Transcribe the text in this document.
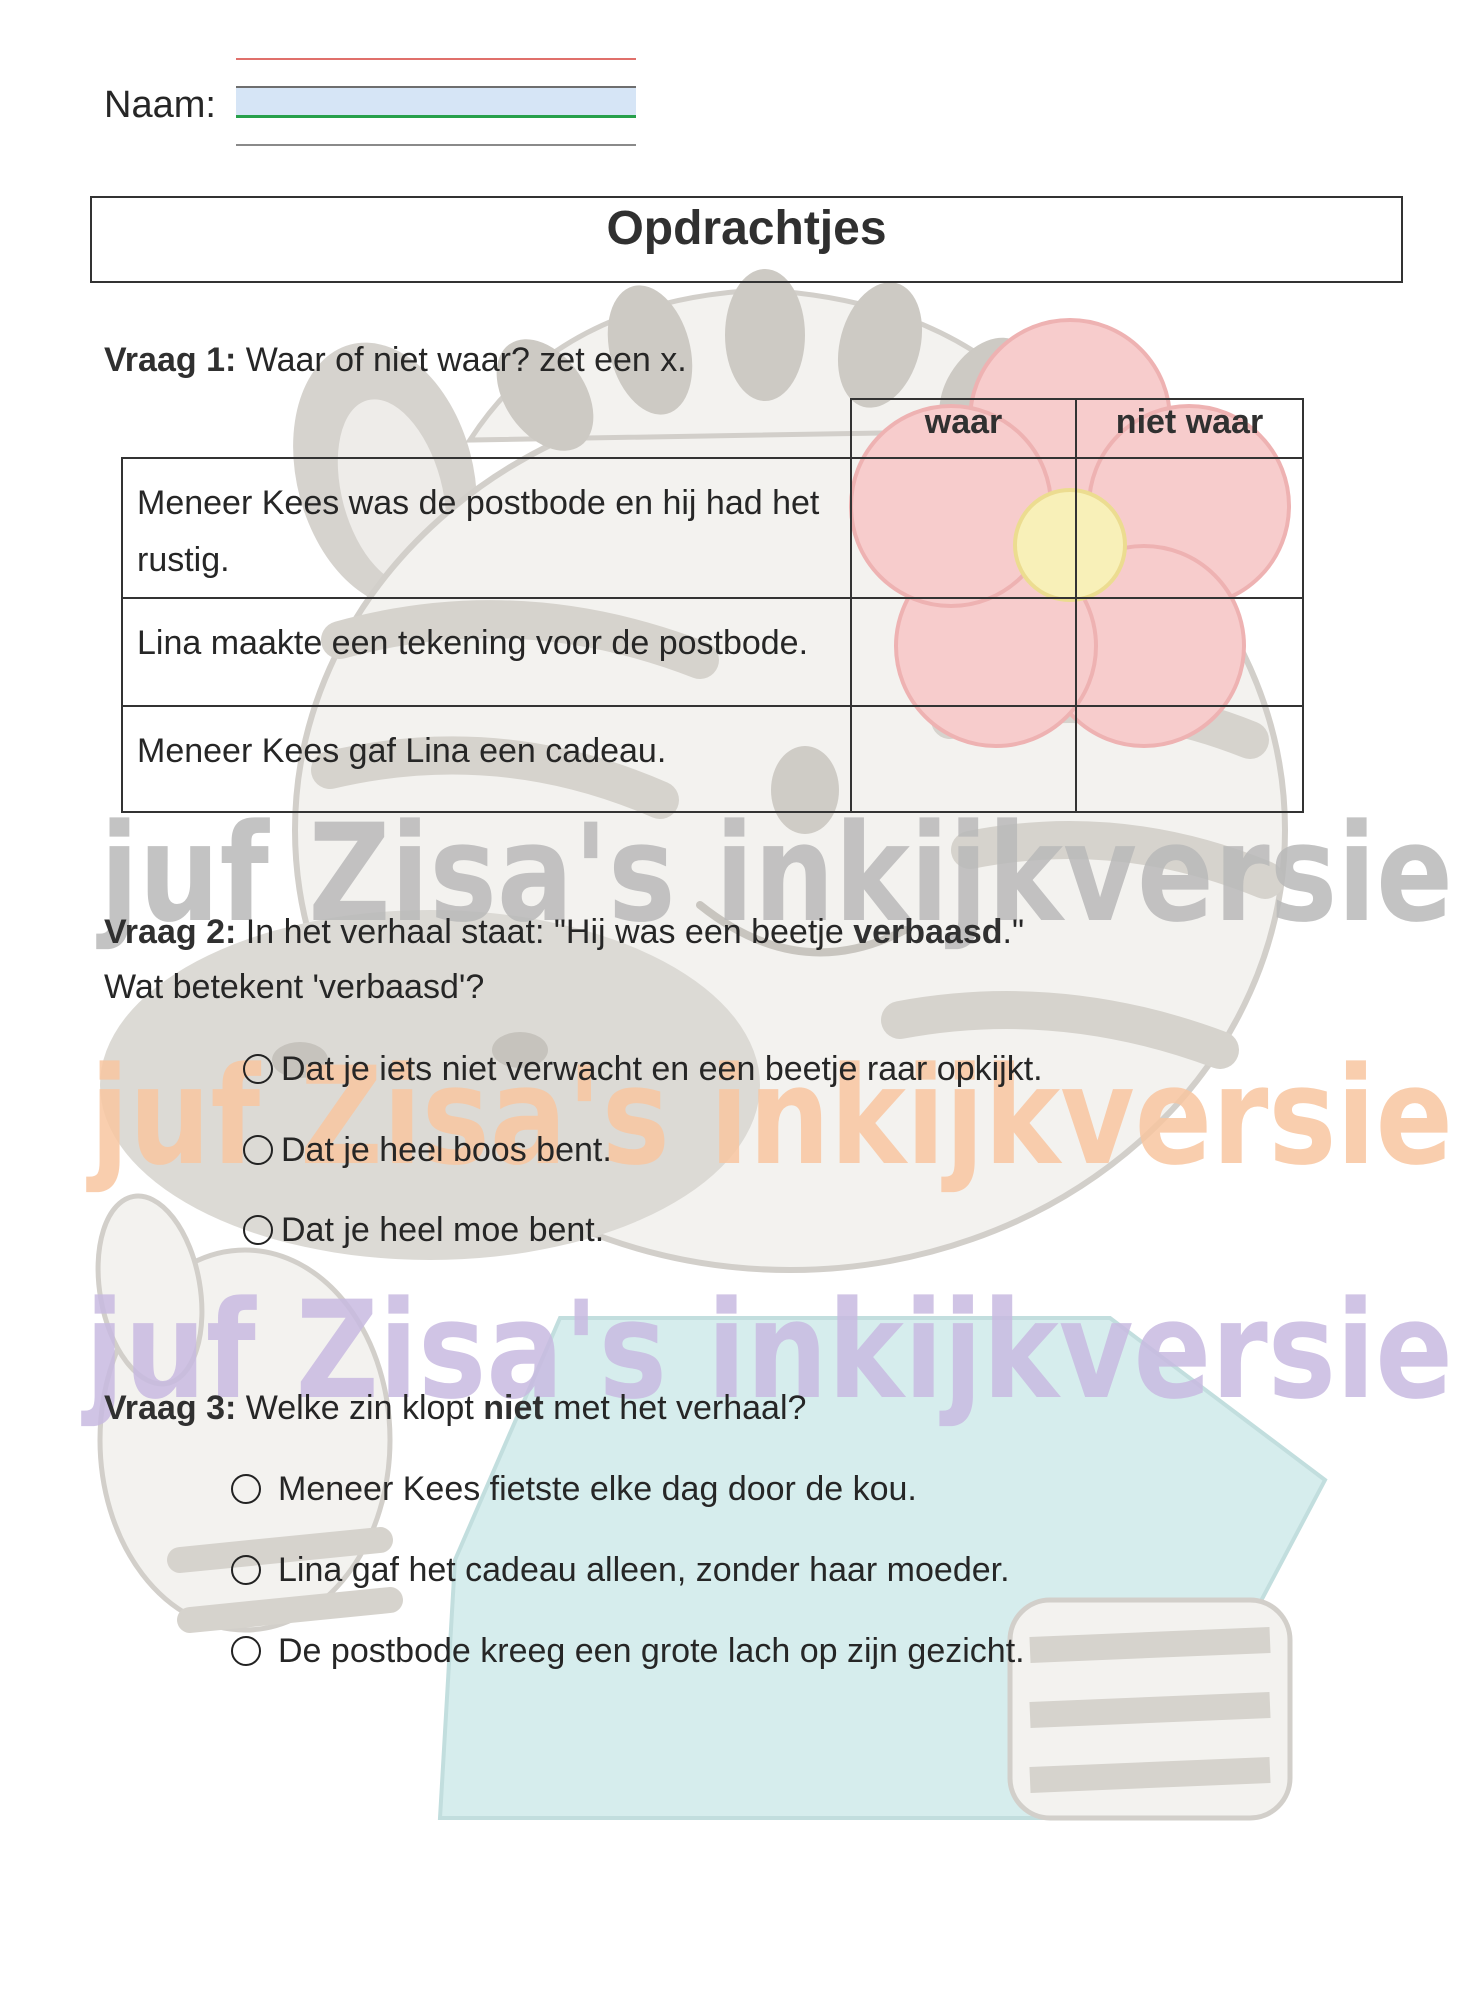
juf Zisa's inkijkversie
juf Zisa's inkijkversie
juf Zisa's inkijkversie
Naam:
Opdrachtjes
Vraag 1: Waar of niet waar? zet een x.
	waar	niet waar
Meneer Kees was de postbode en hij had het rustig.		
Lina maakte een tekening voor de postbode.		
Meneer Kees gaf Lina een cadeau.		
Vraag 2: In het verhaal staat: "Hij was een beetje verbaasd."
Wat betekent 'verbaasd'?
Dat je iets niet verwacht en een beetje raar opkijkt.
Dat je heel boos bent.
Dat je heel moe bent.
Vraag 3: Welke zin klopt niet met het verhaal?
Meneer Kees fietste elke dag door de kou.
Lina gaf het cadeau alleen, zonder haar moeder.
De postbode kreeg een grote lach op zijn gezicht.
